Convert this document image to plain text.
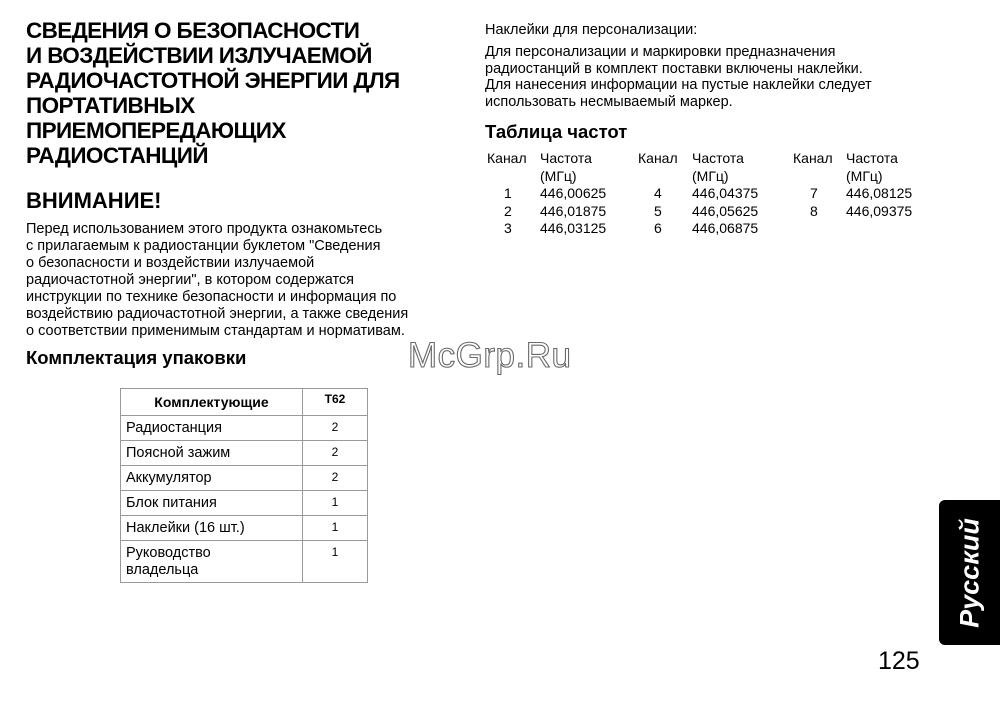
СВЕДЕНИЯ О БЕЗОПАСНОСТИ
И ВОЗДЕЙСТВИИ ИЗЛУЧАЕМОЙ
РАДИОЧАСТОТНОЙ ЭНЕРГИИ ДЛЯ
ПОРТАТИВНЫХ
ПРИЕМОПЕРЕДАЮЩИХ
РАДИОСТАНЦИЙ
ВНИМАНИЕ!

Перед использованием этого продукта ознакомьтесь
с прилагаемым к радиостанции буклетом "Сведения
о безопасности и воздействии излучаемой
радиочастотной энергии", в котором содержатся
инструкции по технике безопасности и информация по
воздействию радиочастотной энергии, а также сведения
о соответствии применимым стандартам и нормативам.

Комплектация упаковки
Комплектующие	T62
Радиостанция	2
Поясной зажим	2
Аккумулятор	2
Блок питания	1
Наклейки (16 шт.)	1
Руководство
владельца	1

Наклейки для персонализации:

Для персонализации и маркировки предназначения
радиостанций в комплект поставки включены наклейки.
Для нанесения информации на пустые наклейки следует
использовать несмываемый маркер.

Таблица частот
Канал Частота
(МГц)
1 446,00625
2 446,01875
3 446,03125
Канал Частота
(МГц)
4 446,04375
5 446,05625
6 446,06875
Канал Частота
(МГц)
7 446,08125
8 446,09375

McGrp.Ru

Русский

125
